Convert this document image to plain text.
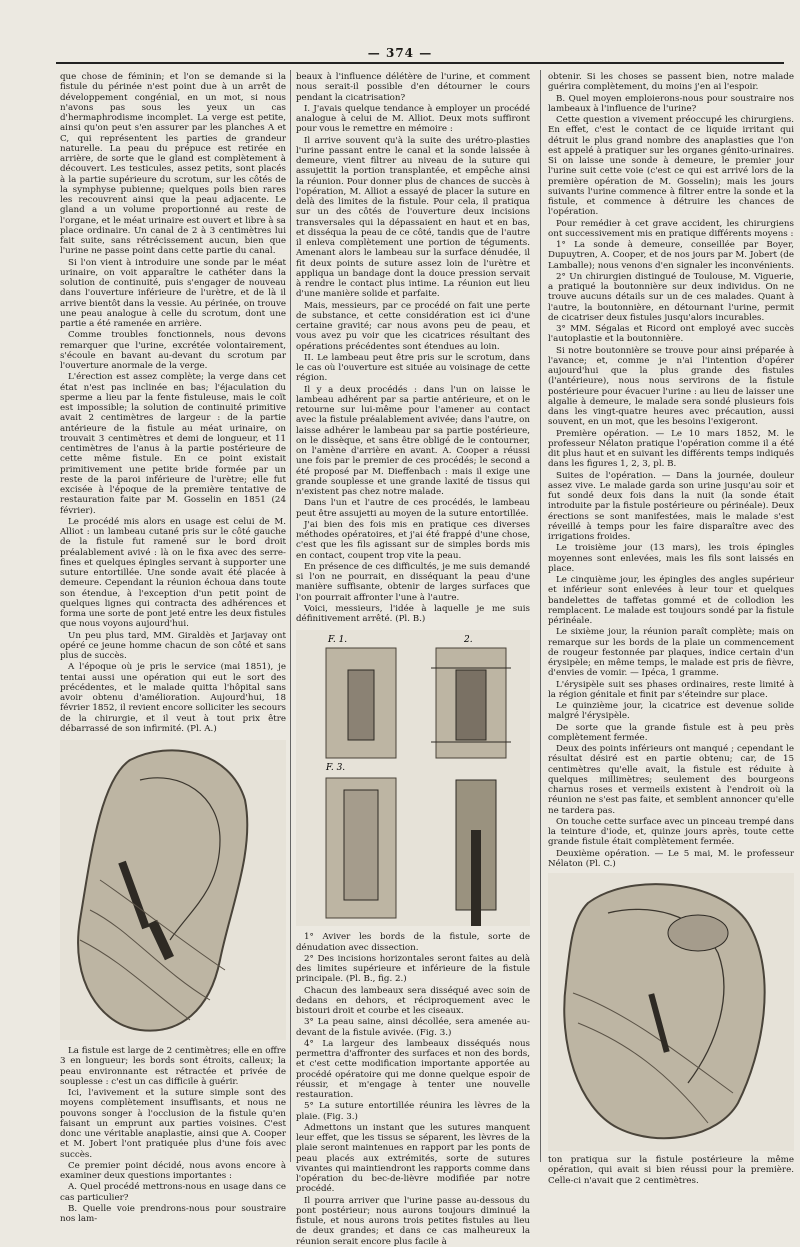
— 374 —

que chose de féminin; et l'on se demande si la fistule du périnée n'est point due à un arrêt de développement congénial, en un mot, si nous n'avons pas sous les yeux un cas d'hermaphrodisme incomplet. La verge est petite, ainsi qu'on peut s'en assurer par les planches A et C, qui représentent les parties de grandeur naturelle. La peau du prépuce est retirée en arrière, de sorte que le gland est complètement à découvert. Les testicules, assez petits, sont placés à la partie supérieure du scrotum, sur les côtés de la symphyse pubienne; quelques poils bien rares les recouvrent ainsi que la peau adjacente. Le gland a un volume proportionné au reste de l'organe, et le méat urinaire est ouvert et libre à sa place ordinaire. Un canal de 2 à 3 centimètres lui fait suite, sans rétrécissement aucun, bien que l'urine ne passe point dans cette partie du canal.

Si l'on vient à introduire une sonde par le méat urinaire, on voit apparaître le cathéter dans la solution de continuité, puis s'engager de nouveau dans l'ouverture inférieure de l'urètre, et de là il arrive bientôt dans la vessie. Au périnée, on trouve une peau analogue à celle du scrotum, dont une partie a été ramenée en arrière.

Comme troubles fonctionnels, nous devons remarquer que l'urine, excrétée volontairement, s'écoule en bavant au-devant du scrotum par l'ouverture anormale de la verge.

L'érection est assez complète; la verge dans cet état n'est pas inclinée en bas; l'éjaculation du sperme a lieu par la fente fistuleuse, mais le coït est impossible; la solution de continuité primitive avait 2 centimètres de largeur : de la partie antérieure de la fistule au méat urinaire, on trouvait 3 centimètres et demi de longueur, et 11 centimètres de l'anus à la partie postérieure de cette même fistule. En ce point existait primitivement une petite bride formée par un reste de la paroi inférieure de l'urètre; elle fut excisée à l'époque de la première tentative de restauration faite par M. Gosselin en 1851 (24 février).

Le procédé mis alors en usage est celui de M. Alliot : un lambeau cutané pris sur le côté gauche de la fistule fut ramené sur le bord droit préalablement avivé : là on le fixa avec des serre-fines et quelques épingles servant à supporter une suture entortillée. Une sonde avait été placée à demeure. Cependant la réunion échoua dans toute son étendue, à l'exception d'un petit point de quelques lignes qui contracta des adhérences et forma une sorte de pont jeté entre les deux fistules que nous voyons aujourd'hui.

Un peu plus tard, MM. Giraldès et Jarjavay ont opéré ce jeune homme chacun de son côté et sans plus de succès.

A l'époque où je pris le service (mai 1851), je tentai aussi une opération qui eut le sort des précédentes, et le malade quitta l'hôpital sans avoir obtenu d'amélioration. Aujourd'hui, 18 février 1852, il revient encore solliciter les secours de la chirurgie, et il veut à tout prix être débarrassé de son infirmité. (Pl. A.)

La fistule est large de 2 centimètres; elle en offre 3 en longueur; les bords sont étroits, calleux; la peau environnante est rétractée et privée de souplesse : c'est un cas difficile à guérir.

Ici, l'avivement et la suture simple sont des moyens complètement insuffisants, et nous ne pouvons songer à l'occlusion de la fistule qu'en faisant un emprunt aux parties voisines. C'est donc une véritable anaplastie, ainsi que A. Cooper et M. Jobert l'ont pratiquée plus d'une fois avec succès.

Ce premier point décidé, nous avons encore à examiner deux questions importantes :

A. Quel procédé mettrons-nous en usage dans ce cas particulier?

B. Quelle voie prendrons-nous pour soustraire nos lam-

beaux à l'influence délétère de l'urine, et comment nous serait-il possible d'en détourner le cours pendant la cicatrisation?

I. J'avais quelque tendance à employer un procédé analogue à celui de M. Alliot. Deux mots suffiront pour vous le remettre en mémoire :

Il arrive souvent qu'à la suite des urétro-plasties l'urine passant entre le canal et la sonde laissée à demeure, vient filtrer au niveau de la suture qui assujettit la portion transplantée, et empêche ainsi la réunion. Pour donner plus de chances de succès à l'opération, M. Alliot a essayé de placer la suture en delà des limites de la fistule. Pour cela, il pratiqua sur un des côtés de l'ouverture deux incisions transversales qui la dépassaient en haut et en bas, et disséqua la peau de ce côté, tandis que de l'autre il enleva complètement une portion de téguments. Amenant alors le lambeau sur la surface dénudée, il fit deux points de suture assez loin de l'urètre et appliqua un bandage dont la douce pression servait à rendre le contact plus intime. La réunion eut lieu d'une manière solide et parfaite.

Mais, messieurs, par ce procédé on fait une perte de substance, et cette considération est ici d'une certaine gravité; car nous avons peu de peau, et vous avez pu voir que les cicatrices résultant des opérations précédentes sont étendues au loin.

II. Le lambeau peut être pris sur le scrotum, dans le cas où l'ouverture est située au voisinage de cette région.

Il y a deux procédés : dans l'un on laisse le lambeau adhérent par sa partie antérieure, et on le retourne sur lui-même pour l'amener au contact avec la fistule préalablement avivée; dans l'autre, on laisse adhérer le lambeau par sa partie postérieure, on le dissèque, et sans être obligé de le contourner, on l'amène d'arrière en avant. A. Cooper a réussi une fois par le premier de ces procédés; le second a été proposé par M. Dieffenbach : mais il exige une grande souplesse et une grande laxité de tissus qui n'existent pas chez notre malade.

Dans l'un et l'autre de ces procédés, le lambeau peut être assujetti au moyen de la suture entortillée.

J'ai bien des fois mis en pratique ces diverses méthodes opératoires, et j'ai été frappé d'une chose, c'est que les fils agissant sur de simples bords mis en contact, coupent trop vite la peau.

En présence de ces difficultés, je me suis demandé si l'on ne pourrait, en disséquant la peau d'une manière suffisante, obtenir de larges surfaces que l'on pourrait affronter l'une à l'autre.

Voici, messieurs, l'idée à laquelle je me suis définitivement arrêté. (Pl. B.)

F. 1.	2.
F. 3.

1° Aviver les bords de la fistule, sorte de dénudation avec dissection.

2° Des incisions horizontales seront faites au delà des limites supérieure et inférieure de la fistule principale. (Pl. B., fig. 2.)

Chacun des lambeaux sera disséqué avec soin de dedans en dehors, et réciproquement avec le bistouri droit et courbe et les ciseaux.

3° La peau saine, ainsi décollée, sera amenée au-devant de la fistule avivée. (Fig. 3.)

4° La largeur des lambeaux disséqués nous permettra d'affronter des surfaces et non des bords, et c'est cette modification importante apportée au procédé opératoire qui me donne quelque espoir de réussir, et m'engage à tenter une nouvelle restauration.

5° La suture entortillée réunira les lèvres de la plaie. (Fig. 3.)

Admettons un instant que les sutures manquent leur effet, que les tissus se séparent, les lèvres de la plaie seront maintenues en rapport par les ponts de peau placés aux extrémités, sorte de sutures vivantes qui maintiendront les rapports comme dans l'opération du bec-de-lièvre modifiée par notre procédé.

Il pourra arriver que l'urine passe au-dessous du pont postérieur; nous aurons toujours diminué la fistule, et nous aurons trois petites fistules au lieu de deux grandes; et dans ce cas malheureux la réunion serait encore plus facile à

obtenir. Si les choses se passent bien, notre malade guérira complètement, du moins j'en ai l'espoir.

B. Quel moyen emploierons-nous pour soustraire nos lambeaux à l'influence de l'urine?

Cette question a vivement préoccupé les chirurgiens. En effet, c'est le contact de ce liquide irritant qui détruit le plus grand nombre des anaplasties que l'on est appelé à pratiquer sur les organes génito-urinaires. Si on laisse une sonde à demeure, le premier jour l'urine suit cette voie (c'est ce qui est arrivé lors de la première opération de M. Gosselin); mais les jours suivants l'urine commence à filtrer entre la sonde et la fistule, et commence à détruire les chances de l'opération.

Pour remédier à cet grave accident, les chirurgiens ont successivement mis en pratique différents moyens :

1° La sonde à demeure, conseillée par Boyer, Dupuytren, A. Cooper, et de nos jours par M. Jobert (de Lamballe); nous venons d'en signaler les inconvénients.

2° Un chirurgien distingué de Toulouse, M. Viguerie, a pratiqué la boutonnière sur deux individus. On ne trouve aucuns détails sur un de ces malades. Quant à l'autre, la boutonnière, en détournant l'urine, permit de cicatriser deux fistules jusqu'alors incurables.

3° MM. Ségalas et Ricord ont employé avec succès l'autoplastie et la boutonnière.

Si notre boutonnière se trouve pour ainsi préparée à l'avance; et, comme je n'ai l'intention d'opérer aujourd'hui que la plus grande des fistules (l'antérieure), nous nous servirons de la fistule postérieure pour évacuer l'urine : au lieu de laisser une algalie à demeure, le malade sera sondé plusieurs fois dans les vingt-quatre heures avec précaution, aussi souvent, en un mot, que les besoins l'exigeront.

Première opération. — Le 10 mars 1852, M. le professeur Nélaton pratique l'opération comme il a été dit plus haut et en suivant les différents temps indiqués dans les figures 1, 2, 3, pl. B.

Suites de l'opération. — Dans la journée, douleur assez vive. Le malade garda son urine jusqu'au soir et fut sondé deux fois dans la nuit (la sonde était introduite par la fistule postérieure ou périnéale). Deux érections se sont manifestées, mais le malade s'est réveillé à temps pour les faire disparaître avec des irrigations froides.

Le troisième jour (13 mars), les trois épingles moyennes sont enlevées, mais les fils sont laissés en place.

Le cinquième jour, les épingles des angles supérieur et inférieur sont enlevées à leur tour et quelques bandelettes de taffetas gommé et de collodion les remplacent. Le malade est toujours sondé par la fistule périnéale.

Le sixième jour, la réunion paraît complète; mais on remarque sur les bords de la plaie un commencement de rougeur festonnée par plaques, indice certain d'un érysipèle; en même temps, le malade est pris de fièvre, d'envies de vomir. — Ipéca, 1 gramme.

L'érysipèle suit ses phases ordinaires, reste limité à la région génitale et finit par s'éteindre sur place.

Le quinzième jour, la cicatrice est devenue solide malgré l'érysipèle.

De sorte que la grande fistule est à peu près complètement fermée.

Deux des points inférieurs ont manqué ; cependant le résultat désiré est en partie obtenu; car, de 15 centimètres qu'elle avait, la fistule est réduite à quelques millimètres; seulement des bourgeons charnus roses et vermeils existent à l'endroit où la réunion ne s'est pas faite, et semblent annoncer qu'elle ne tardera pas.

On touche cette surface avec un pinceau trempé dans la teinture d'iode, et, quinze jours après, toute cette grande fistule était complètement fermée.

Deuxième opération. — Le 5 mai, M. le professeur Nélaton (Pl. C.)

ton pratiqua sur la fistule postérieure la même opération, qui avait si bien réussi pour la première. Celle-ci n'avait que 2 centimètres.
